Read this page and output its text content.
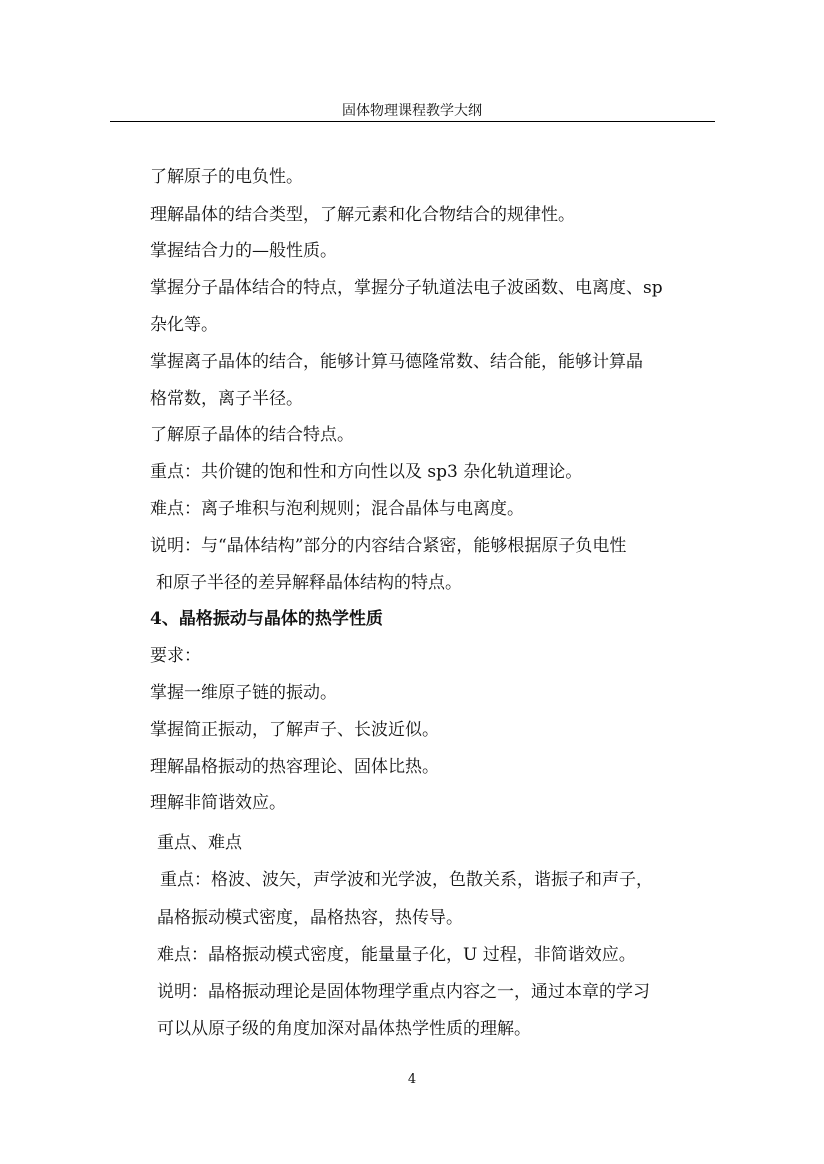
固体物理课程教学大纲
了解原子的电负性。
理解晶体的结合类型，了解元素和化合物结合的规律性。
掌握结合力的—般性质。
掌握分子晶体结合的特点，掌握分子轨道法电子波函数、电离度、sp
杂化等。
掌握离子晶体的结合，能够计算马德隆常数、结合能，能够计算晶
格常数，离子半径。
了解原子晶体的结合特点。
重点：共价键的饱和性和方向性以及 sp3 杂化轨道理论。
难点：离子堆积与泡利规则；混合晶体与电离度。
说明：与“晶体结构”部分的内容结合紧密，能够根据原子负电性
和原子半径的差异解释晶体结构的特点。
4、晶格振动与晶体的热学性质
要求：
掌握一维原子链的振动。
掌握简正振动，了解声子、长波近似。
理解晶格振动的热容理论、固体比热。
理解非简谐效应。
重点、难点
重点：格波、波矢，声学波和光学波，色散关系，谐振子和声子，
晶格振动模式密度，晶格热容，热传导。
难点：晶格振动模式密度，能量量子化，U 过程，非简谐效应。
说明：晶格振动理论是固体物理学重点内容之一，通过本章的学习
可以从原子级的角度加深对晶体热学性质的理解。
4
